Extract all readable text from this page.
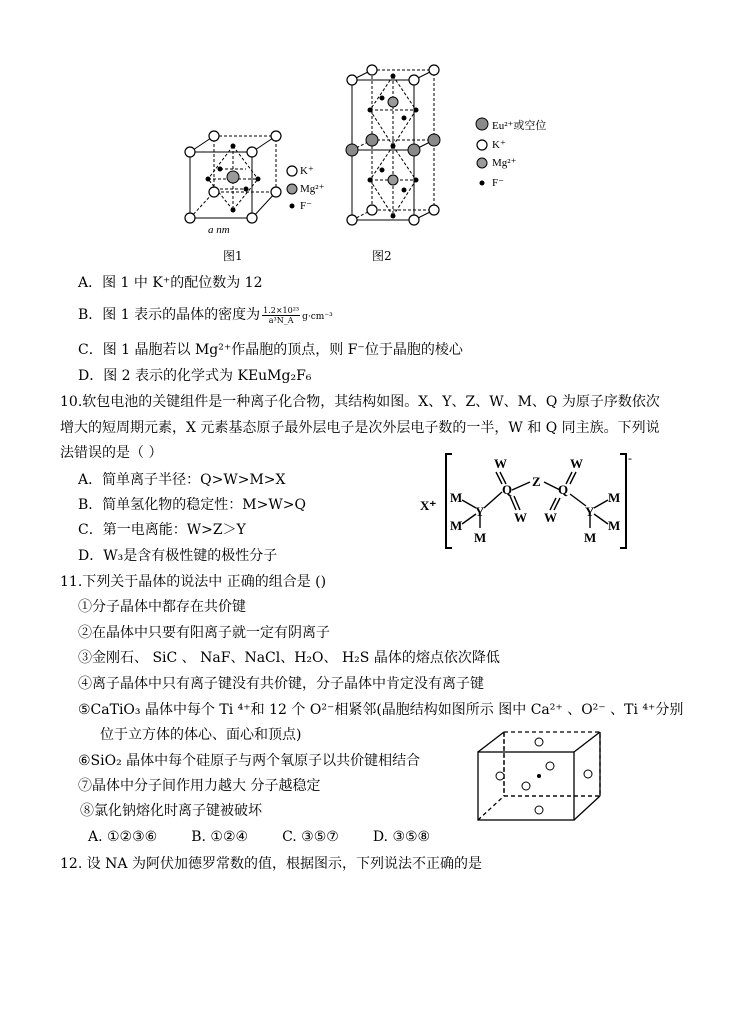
K⁺
Mg²⁺
F⁻
a nm
图1	图2
Eu²⁺或空位
K⁺
Mg²⁺
F⁻
A．图 1 中 K⁺的配位数为 12
B．图 1 表示的晶体的密度为 $\frac{\text{1.2×10²³}}{\text{a³N\_A}} g\cdot cm^{-3}$
C．图 1 晶胞若以 Mg²⁺作晶胞的顶点，则 F⁻位于晶胞的棱心
D．图 2 表示的化学式为 KEuMg₂F₆
10.软包电池的关键组件是一种离子化合物，其结构如图。X、Y、Z、W、M、Q 为原子序数依次
增大的短周期元素，X 元素基态原子最外层电子是次外层电子数的一半，W 和 Q 同主族。下列说
法错误的是（ ）
A．简单离子半径：Q>W>M>X
B．简单氢化物的稳定性：M>W>Q
C．第一电离能：W>Z＞Y
D．W₃是含有极性键的极性分子
X⁺
W	W
W W
Q	Q
Z
Y	Y
M
M
M
M
M
M
-
11.下列关于晶体的说法中 正确的组合是 ()
①分子晶体中都存在共价键
②在晶体中只要有阳离子就一定有阴离子
③金刚石、 SiC 、 NaF、NaCl、H₂O、 H₂S 晶体的熔点依次降低
④离子晶体中只有离子键没有共价键，分子晶体中肯定没有离子键
⑤CaTiO₃ 晶体中每个 Ti ⁴⁺和 12 个 O²⁻相紧邻(晶胞结构如图所示 图中 Ca²⁺ 、O²⁻ 、Ti ⁴⁺分别
位于立方体的体心、面心和顶点)
⑥SiO₂ 晶体中每个硅原子与两个氧原子以共价键相结合
⑦晶体中分子间作用力越大 分子越稳定
⑧氯化钠熔化时离子键被破坏
A. ①②③⑥ B. ①②④ C. ③⑤⑦ D. ③⑤⑧
12. 设 NA 为阿伏加德罗常数的值，根据图示，下列说法不正确的是
